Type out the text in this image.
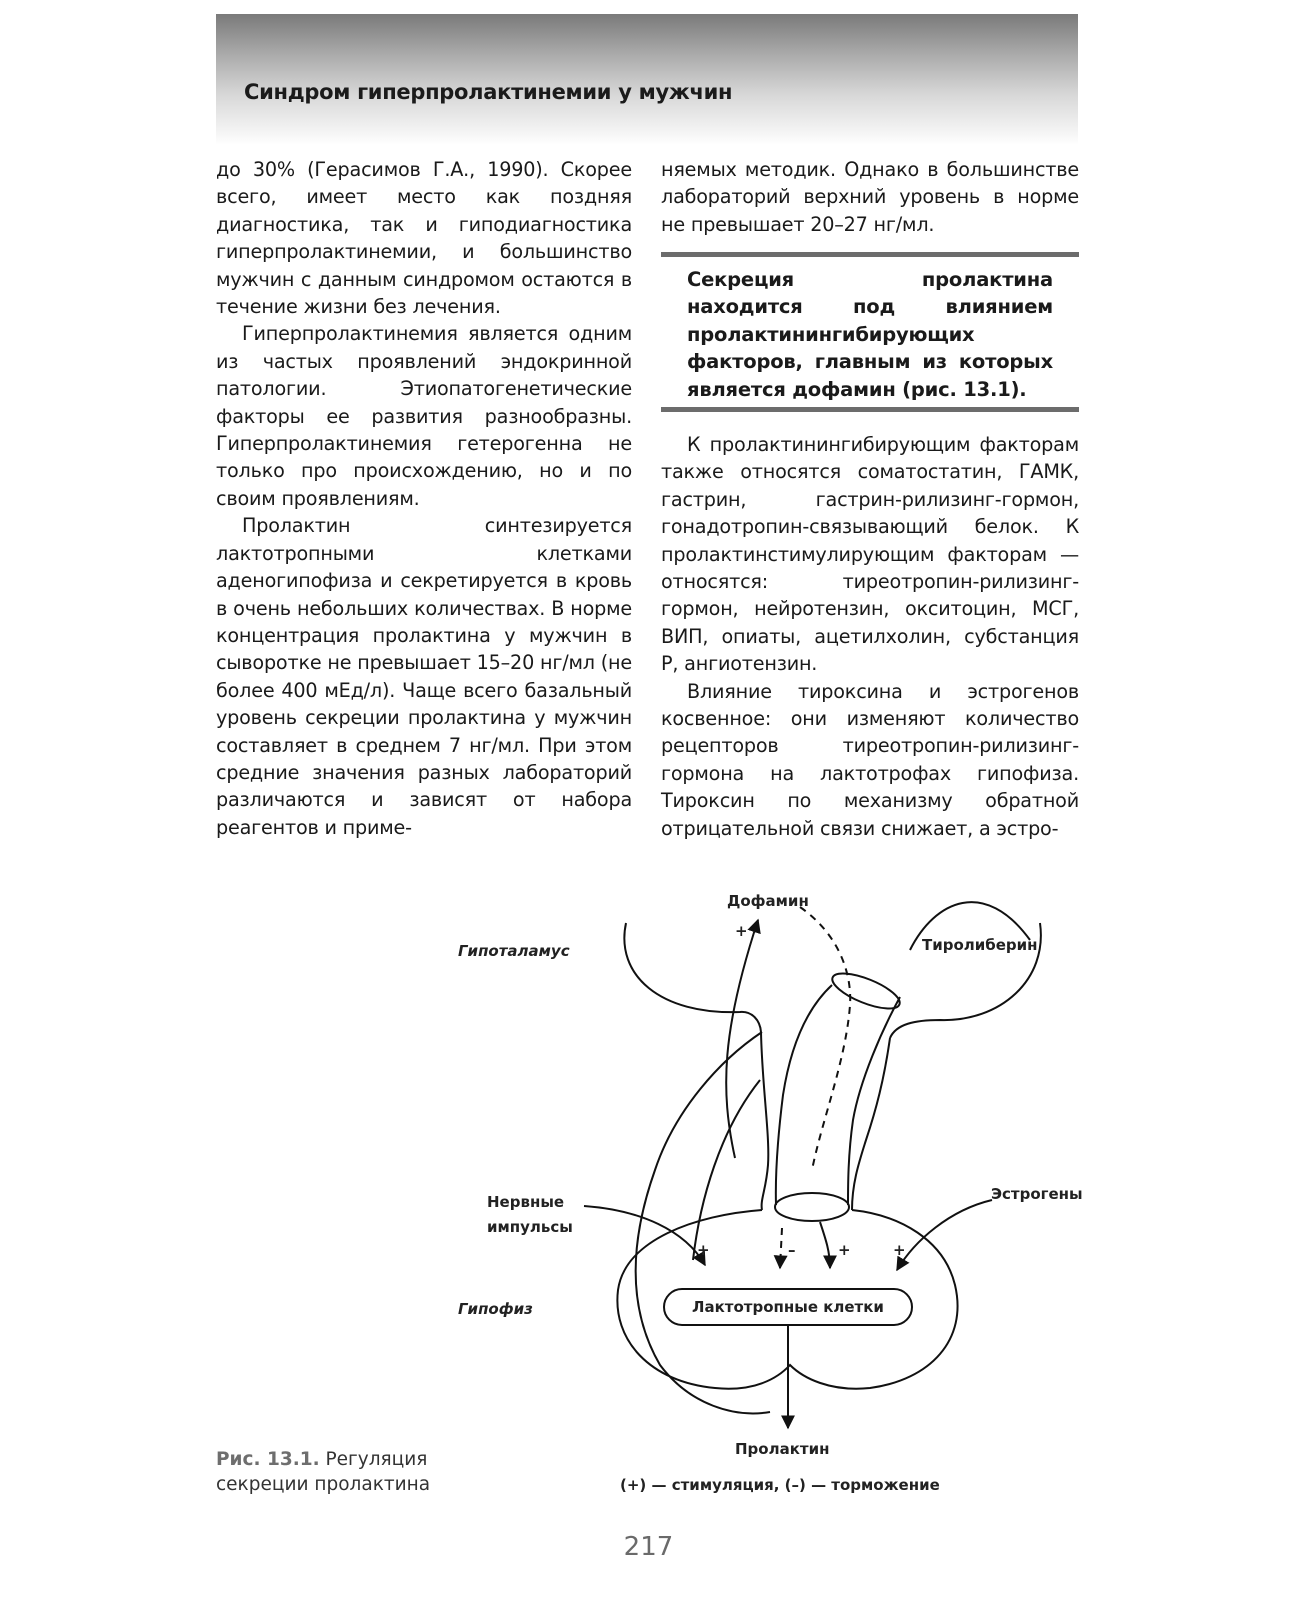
Синдром гиперпролактинемии у мужчин

до 30% (Герасимов Г.А., 1990). Скорее всего, имеет место как поздняя диагностика, так и гиподиагностика гиперпролактинемии, и большинство мужчин с данным синдромом остаются в течение жизни без лечения.

Гиперпролактинемия является одним из частых проявлений эндокринной патологии. Этиопатогенетические факторы ее развития разнообразны. Гиперпролактинемия гетерогенна не только про происхождению, но и по своим проявлениям.

Пролактин синтезируется лактотропными клетками аденогипофиза и секретируется в кровь в очень небольших количествах. В норме концентрация пролактина у мужчин в сыворотке не превышает 15–20 нг/мл (не более 400 мЕд/л). Чаще всего базальный уровень секреции пролактина у мужчин составляет в среднем 7 нг/мл. При этом средние значения разных лабораторий различаются и зависят от набора реагентов и приме-

няемых методик. Однако в большинстве лабораторий верхний уровень в норме не превышает 20–27 нг/мл.

Секреция пролактина находится под влиянием пролактинингибирующих факторов, главным из которых является дофамин (рис. 13.1).

К пролактинингибирующим факторам также относятся соматостатин, ГАМК, гастрин, гастрин-рилизинг-гормон, гонадотропин-связывающий белок. К пролактинстимулирующим факторам — относятся: тиреотропин-рилизинг-гормон, нейротензин, окситоцин, МСГ, ВИП, опиаты, ацетилхолин, субстанция Р, ангиотензин.

Влияние тироксина и эстрогенов косвенное: они изменяют количество рецепторов тиреотропин-рилизинг-гормона на лактотрофах гипофиза. Тироксин по механизму обратной отрицательной связи снижает, а эстро-

Дофамин
+
Гипоталамус	Тиролиберин
Нервные
импульсы
Эстрогены
+	–	+	+
Гипофиз	Лактотропные клетки
Пролактин
(+) — стимуляция, (–) — торможение
Рис. 13.1. Регуляция секреции пролактина
217
